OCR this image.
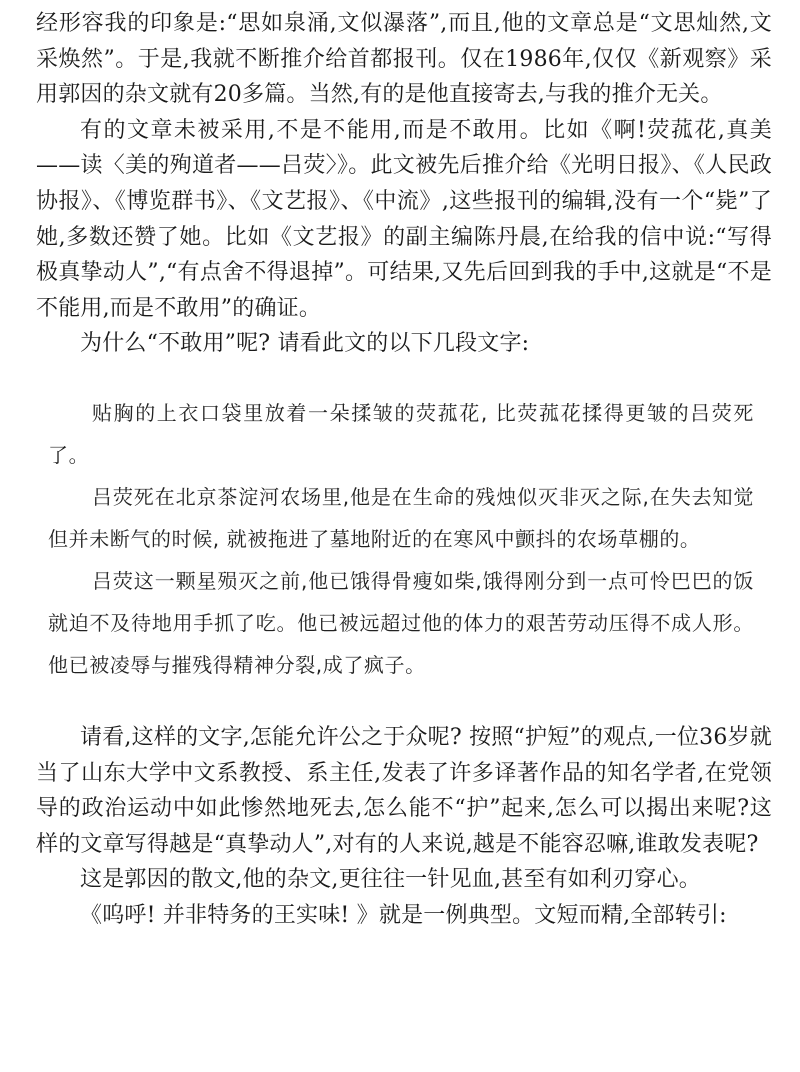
经形容我的印象是:“思如泉涌,文似瀑落”,而且,他的文章总是“文思灿然,文采焕然”。于是,我就不断推介给首都报刊。仅在1986年,仅仅《新观察》采用郭因的杂文就有20多篇。当然,有的是他直接寄去,与我的推介无关。

有的文章未被采用,不是不能用,而是不敢用。比如《啊!荧菰花,真美——读〈美的殉道者——吕荧〉》。此文被先后推介给《光明日报》、《人民政协报》、《博览群书》、《文艺报》、《中流》,这些报刊的编辑,没有一个“毙”了她,多数还赞了她。比如《文艺报》的副主编陈丹晨,在给我的信中说:“写得极真挚动人”,“有点舍不得退掉”。可结果,又先后回到我的手中,这就是“不是不能用,而是不敢用”的确证。

为什么“不敢用”呢? 请看此文的以下几段文字:

贴胸的上衣口袋里放着一朵揉皱的荧菰花, 比荧菰花揉得更皱的吕荧死了。

吕荧死在北京茶淀河农场里,他是在生命的残烛似灭非灭之际,在失去知觉但并未断气的时候, 就被拖进了墓地附近的在寒风中颤抖的农场草棚的。

吕荧这一颗星殒灭之前,他已饿得骨瘦如柴,饿得刚分到一点可怜巴巴的饭就迫不及待地用手抓了吃。他已被远超过他的体力的艰苦劳动压得不成人形。他已被凌辱与摧残得精神分裂,成了疯子。

请看,这样的文字,怎能允许公之于众呢? 按照“护短”的观点,一位36岁就当了山东大学中文系教授、系主任,发表了许多译著作品的知名学者,在党领导的政治运动中如此惨然地死去,怎么能不“护”起来,怎么可以揭出来呢?这样的文章写得越是“真挚动人”,对有的人来说,越是不能容忍嘛,谁敢发表呢?

这是郭因的散文,他的杂文,更往往一针见血,甚至有如利刃穿心。

《呜呼! 并非特务的王实味! 》就是一例典型。文短而精,全部转引:
